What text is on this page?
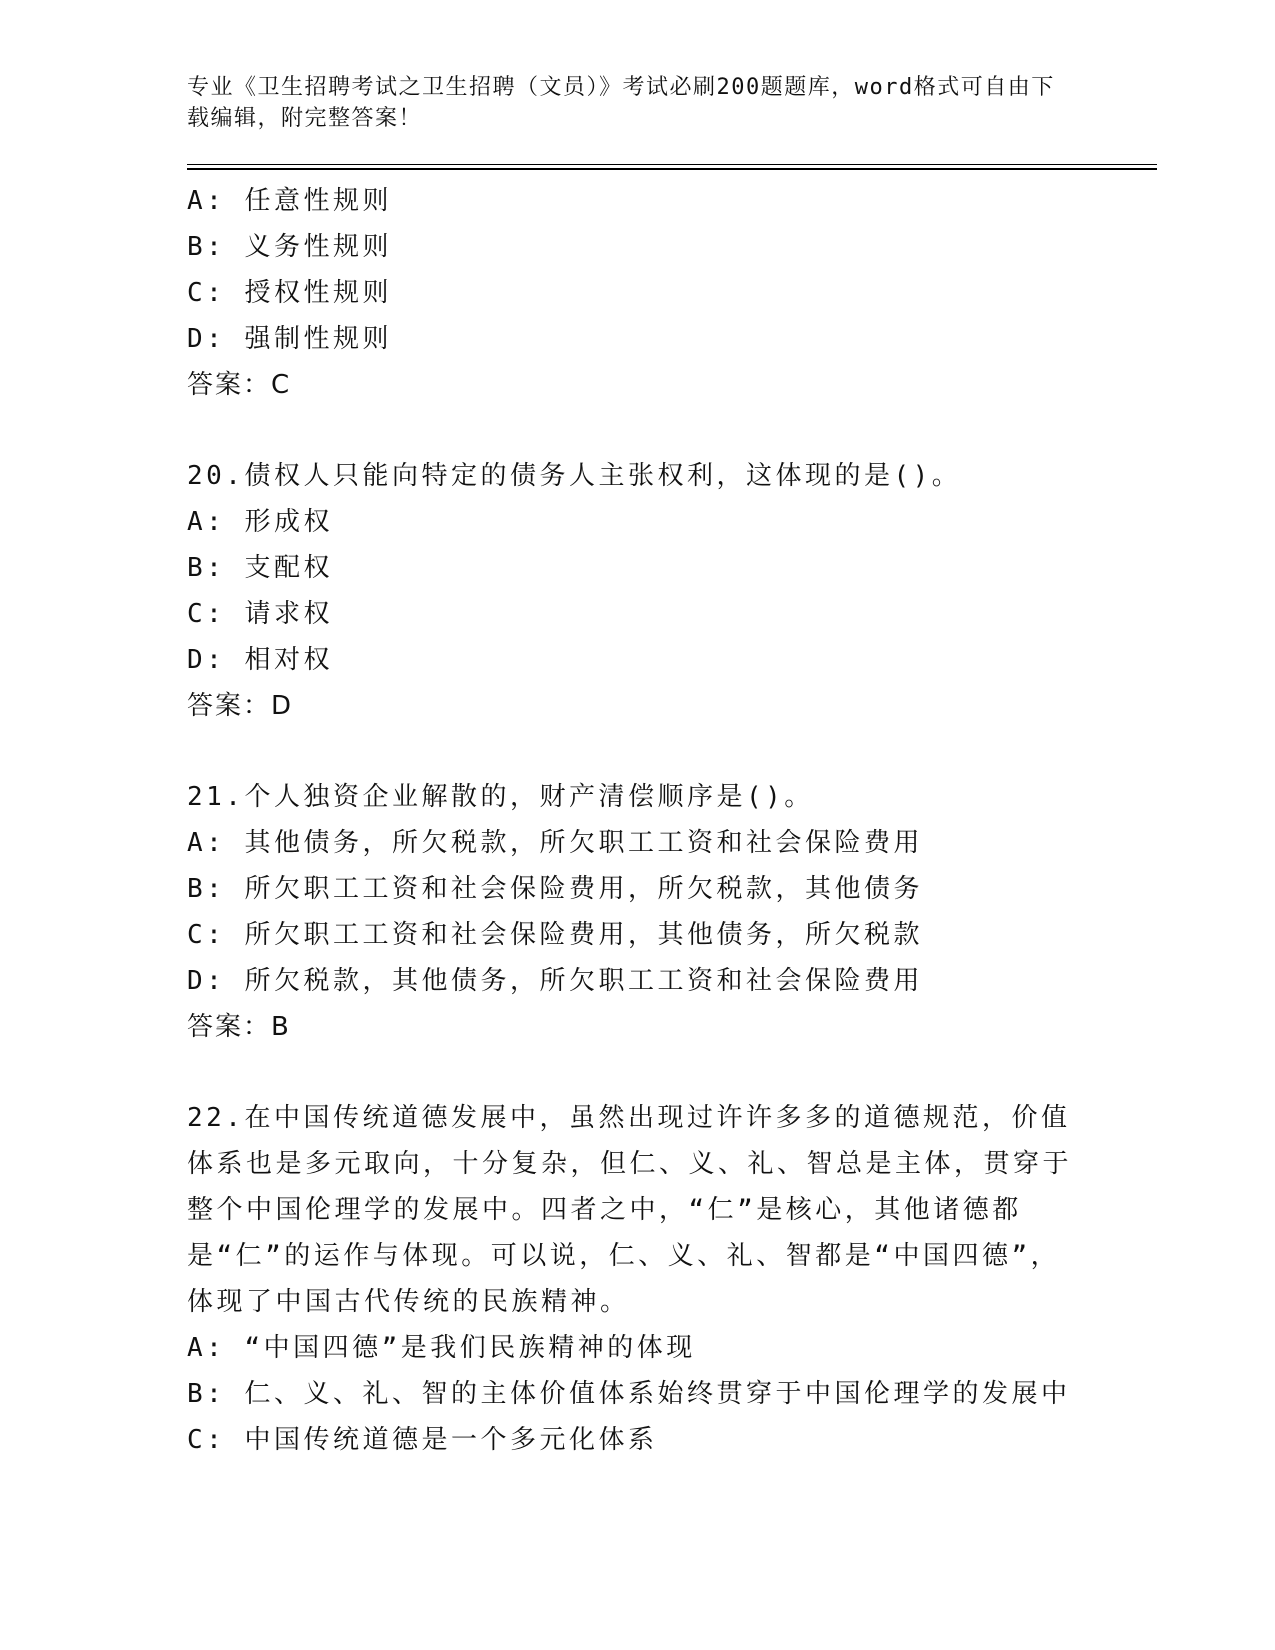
专业《卫生招聘考试之卫生招聘（文员）》考试必刷200题题库，word格式可自由下载编辑，附完整答案！

A: 任意性规则

B: 义务性规则

C: 授权性规则

D: 强制性规则

答案：C

20.债权人只能向特定的债务人主张权利，这体现的是()。

A: 形成权

B: 支配权

C: 请求权

D: 相对权

答案：D

21.个人独资企业解散的，财产清偿顺序是()。

A: 其他债务，所欠税款，所欠职工工资和社会保险费用

B: 所欠职工工资和社会保险费用，所欠税款，其他债务

C: 所欠职工工资和社会保险费用，其他债务，所欠税款

D: 所欠税款，其他债务，所欠职工工资和社会保险费用

答案：B

22.在中国传统道德发展中，虽然出现过许许多多的道德规范，价值体系也是多元取向，十分复杂，但仁、义、礼、智总是主体，贯穿于整个中国伦理学的发展中。四者之中，“仁”是核心，其他诸德都是“仁”的运作与体现。可以说，仁、义、礼、智都是“中国四德”，体现了中国古代传统的民族精神。

A: “中国四德”是我们民族精神的体现

B: 仁、义、礼、智的主体价值体系始终贯穿于中国伦理学的发展中

C: 中国传统道德是一个多元化体系
